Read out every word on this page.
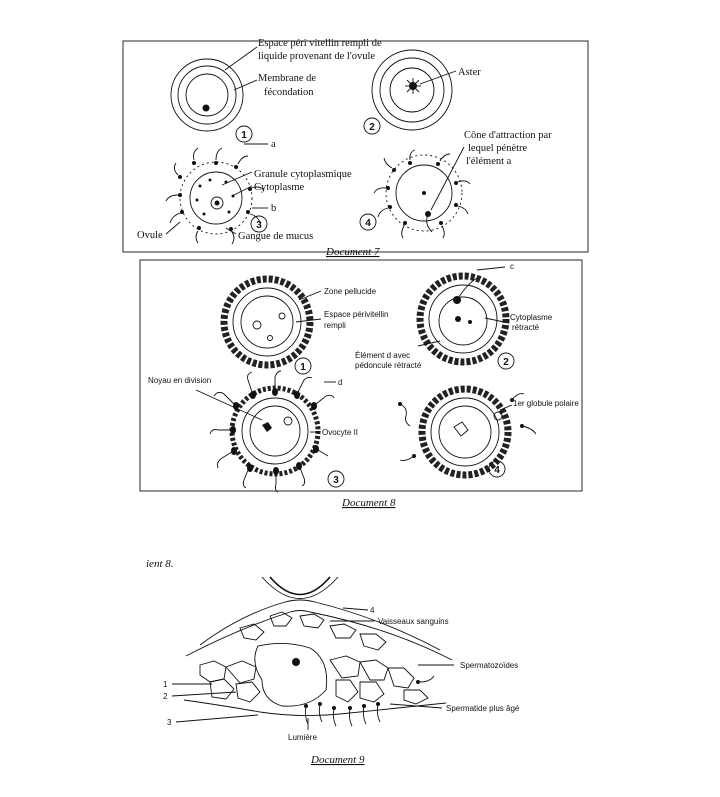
1
2
3	4
Espace péri vitellin rempli de
liquide provenant de l'ovule
Membrane de
fécondation
Aster
Cône d'attraction par
lequel pénètre
l'élément a
a
Granule cytoplasmique
Cytoplasme
b
Ovule	Gangue de mucus
Document 7
1	2
3
4
Zone pellucide
Espace périvitellin
rempli
Cytoplasme
rétracté
Élément d avec
pédoncule rétracté
c
Noyau en division	d
Ovocyte II
1er globule polaire
Document 8
ient 8.
4
Vaisseaux sanguins
Spermatozoïdes
Spermatide plus âgé
1
2
3
Lumière
Document 9
